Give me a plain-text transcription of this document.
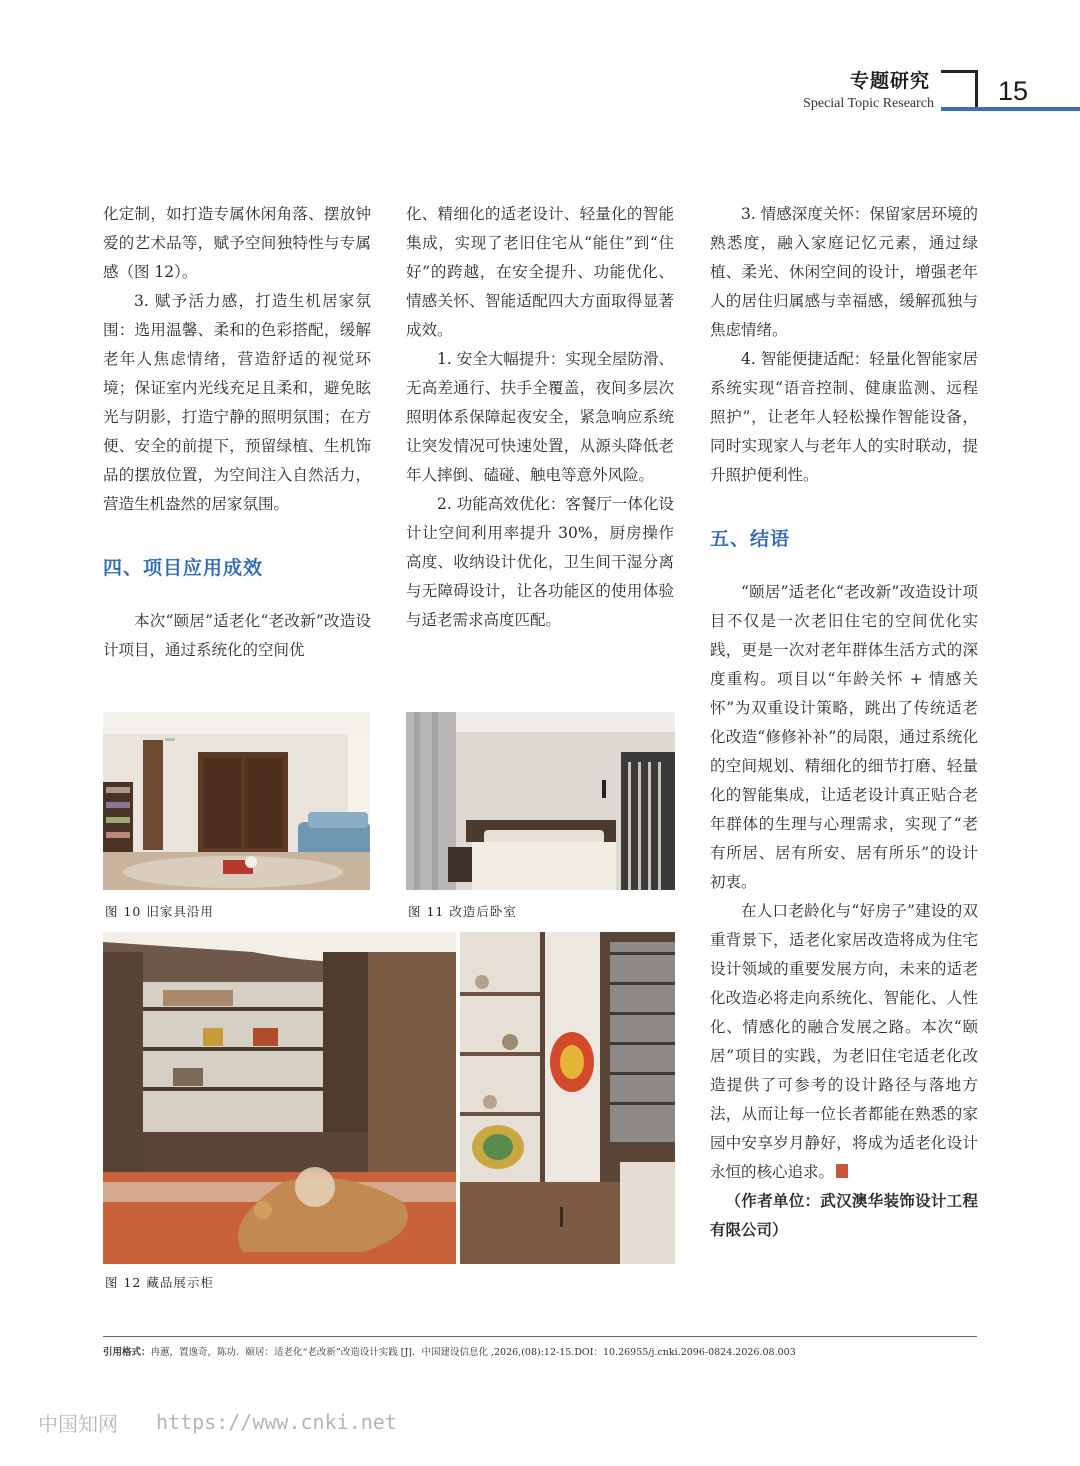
专题研究
Special Topic Research 15

化定制，如打造专属休闲角落、摆放钟爱的艺术品等，赋予空间独特性与专属感（图 12）。

3. 赋予活力感，打造生机居家氛围：选用温馨、柔和的色彩搭配，缓解老年人焦虑情绪，营造舒适的视觉环境；保证室内光线充足且柔和，避免眩光与阴影，打造宁静的照明氛围；在方便、安全的前提下，预留绿植、生机饰品的摆放位置，为空间注入自然活力，营造生机盎然的居家氛围。

四、项目应用成效

本次“颐居”适老化“老改新”改造设计项目，通过系统化的空间优

化、精细化的适老设计、轻量化的智能集成，实现了老旧住宅从“能住”到“住好”的跨越，在安全提升、功能优化、情感关怀、智能适配四大方面取得显著成效。

1. 安全大幅提升：实现全屋防滑、无高差通行、扶手全覆盖，夜间多层次照明体系保障起夜安全，紧急响应系统让突发情况可快速处置，从源头降低老年人摔倒、磕碰、触电等意外风险。

2. 功能高效优化：客餐厅一体化设计让空间利用率提升 30%，厨房操作高度、收纳设计优化，卫生间干湿分离与无障碍设计，让各功能区的使用体验与适老需求高度匹配。

3. 情感深度关怀：保留家居环境的熟悉度，融入家庭记忆元素，通过绿植、柔光、休闲空间的设计，增强老年人的居住归属感与幸福感，缓解孤独与焦虑情绪。

4. 智能便捷适配：轻量化智能家居系统实现“语音控制、健康监测、远程照护”，让老年人轻松操作智能设备，同时实现家人与老年人的实时联动，提升照护便利性。

五、结语

“颐居”适老化“老改新”改造设计项目不仅是一次老旧住宅的空间优化实践，更是一次对老年群体生活方式的深度重构。项目以“年龄关怀 + 情感关怀”为双重设计策略，跳出了传统适老化改造“修修补补”的局限，通过系统化的空间规划、精细化的细节打磨、轻量化的智能集成，让适老设计真正贴合老年群体的生理与心理需求，实现了“老有所居、居有所安、居有所乐”的设计初衷。

在人口老龄化与“好房子”建设的双重背景下，适老化家居改造将成为住宅设计领域的重要发展方向，未来的适老化改造必将走向系统化、智能化、人性化、情感化的融合发展之路。本次“颐居”项目的实践，为老旧住宅适老化改造提供了可参考的设计路径与落地方法，从而让每一位长者都能在熟悉的家园中安享岁月静好，将成为适老化设计永恒的核心追求。

（作者单位：武汉澳华装饰设计工程有限公司）

图 10 旧家具沿用	图 11 改造后卧室
图 12 藏品展示柜
引用格式：冉蕙，置逸奇，陈功．颐居：适老化“老改新”改造设计实践 [J]．中国建设信息化 ,2026,(08):12-15.DOI：10.26955/j.cnki.2096-0824.2026.08.003
中国知网 https://www.cnki.net
